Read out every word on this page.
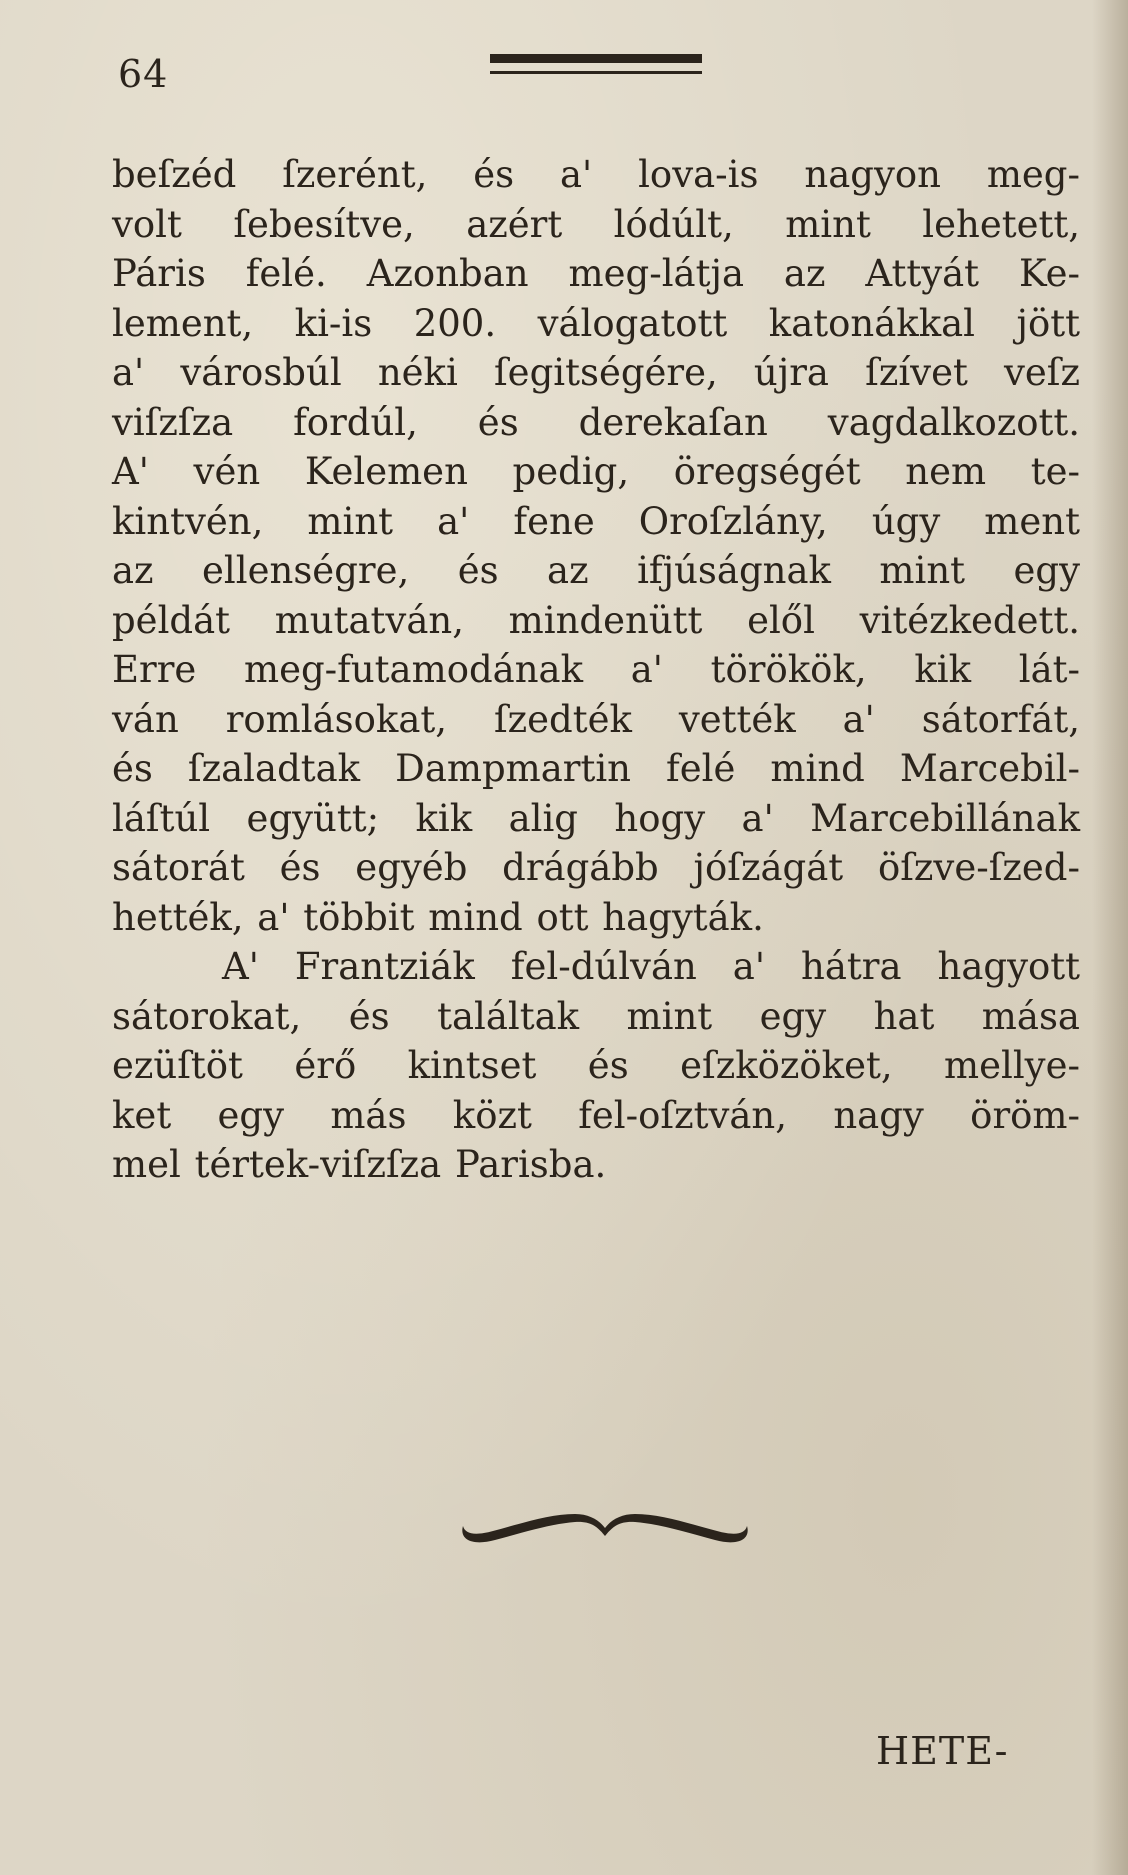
64
beſzéd ſzerént, és a' lova-is nagyon meg-
volt ſebesítve, azért lódúlt, mint lehetett,
Páris felé. Azonban meg-látja az Attyát Ke-
lement, ki-is 200. válogatott katonákkal jött
a' városbúl néki ſegitségére, újra ſzívet veſz
viſzſza fordúl, és derekaſan vagdalkozott.
A' vén Kelemen pedig, öregségét nem te-
kintvén, mint a' fene Oroſzlány, úgy ment
az ellenségre, és az ifjúságnak mint egy
példát mutatván, mindenütt elől vitézkedett.
Erre meg-futamodának a' törökök, kik lát-
ván romlásokat, ſzedték vették a' sátorfát,
és ſzaladtak Dampmartin felé mind Marcebil-
láſtúl együtt; kik alig hogy a' Marcebillának
sátorát és egyéb drágább jóſzágát öſzve-ſzed-
hették, a' többit mind ott hagyták.
A' Frantziák fel-dúlván a' hátra hagyott
sátorokat, és találtak mint egy hat mása
ezüſtöt érő kintset és eſzközöket, mellye-
ket egy más közt fel-oſztván, nagy öröm-
mel tértek-viſzſza Parisba.
HETE-
